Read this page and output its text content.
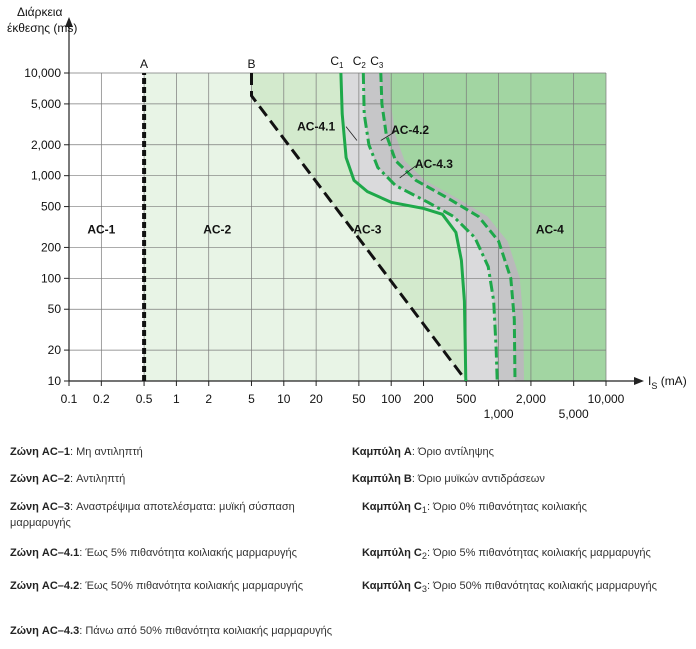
10
20
50
100
200
500
1,000
2,000
5,000
10,000
0.1 0.2 0.5 1 2	5 10 20 50 100 200 500	2,000	10,000
1,000	5,000
Διάρκεια
έκθεσης (ms)
$I_S$ (mA)
A	B	$C_1$ $C_2$ $C_3$
AC-1	AC-2	AC-3	AC-4
AC-4.1	AC-4.2
AC-4.3
Ζώνη AC–1: Μη αντιληπτή
Ζώνη AC–2: Αντιληπτή
Ζώνη AC–3: Αναστρέψιμα αποτελέσματα: μυϊκή σύσπαση μαρμαρυγής
Ζώνη AC–4.1: Έως 5% πιθανότητα κοιλιακής μαρμαρυγής
Ζώνη AC–4.2: Έως 50% πιθανότητα κοιλιακής μαρμαρυγής
Ζώνη AC–4.3: Πάνω από 50% πιθανότητα κοιλιακής μαρμαρυγής
Καμπύλη A: Όριο αντίληψης
Καμπύλη B: Όριο μυϊκών αντιδράσεων
Καμπύλη $C_1$: Όριο 0% πιθανότητας κοιλιακής
Καμπύλη $C_2$: Όριο 5% πιθανότητας κοιλιακής μαρμαρυγής
Καμπύλη $C_3$: Όριο 50% πιθανότητας κοιλιακής μαρμαρυγής
